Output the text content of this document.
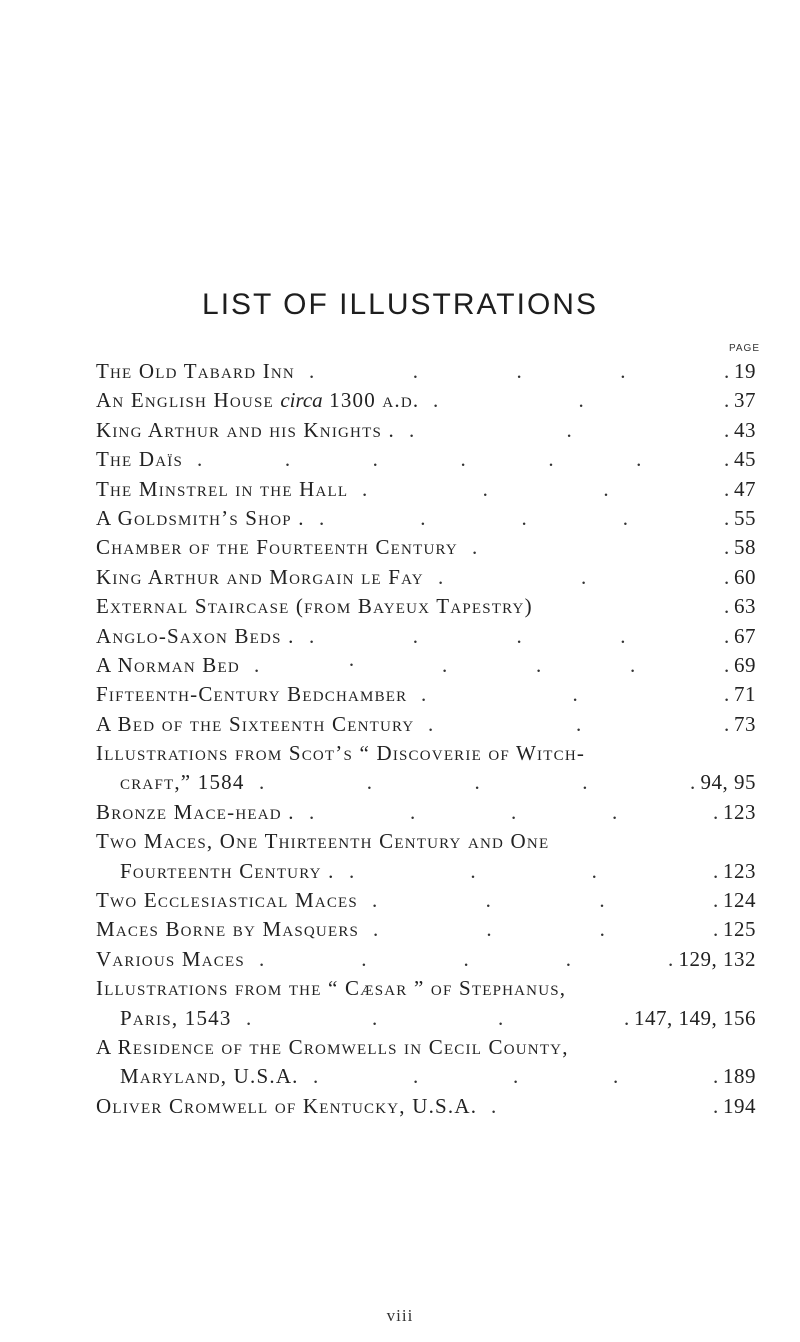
LIST OF ILLUSTRATIONS
PAGE
The Old Tabard Inn .	.	.	.	. 19
An English House circa 1300 a.d. .	.	. 37
King Arthur and his Knights . .	.	. 43
The Daïs .	.	.	.	.	.	. 45
The Minstrel in the Hall .	.	.	. 47
A Goldsmith’s Shop . .	.	.	.	. 55
Chamber of the Fourteenth Century .	. 58
King Arthur and Morgain le Fay .	.	. 60
External Staircase (from Bayeux Tapestry)	. 63
Anglo-Saxon Beds . .	.	.	.	. 67
A Norman Bed .	·	.	.	.	. 69
Fifteenth-Century Bedchamber .	.	. 71
A Bed of the Sixteenth Century .	.	. 73
Illustrations from Scot’s “ Discoverie of Witch-
craft,” 1584 .	.	.	.	. 94, 95
Bronze Mace-head . .	.	.	.	. 123
Two Maces, One Thirteenth Century and One
Fourteenth Century . .	.	.	. 123
Two Ecclesiastical Maces .	.	.	. 124
Maces Borne by Masquers .	.	.	. 125
Various Maces .	.	.	.	. 129, 132
Illustrations from the “ Cæsar ” of Stephanus,
Paris, 1543 .	.	.	. 147, 149, 156
A Residence of the Cromwells in Cecil County,
Maryland, U.S.A. .	.	.	.	. 189
Oliver Cromwell of Kentucky, U.S.A. .	. 194
viii
